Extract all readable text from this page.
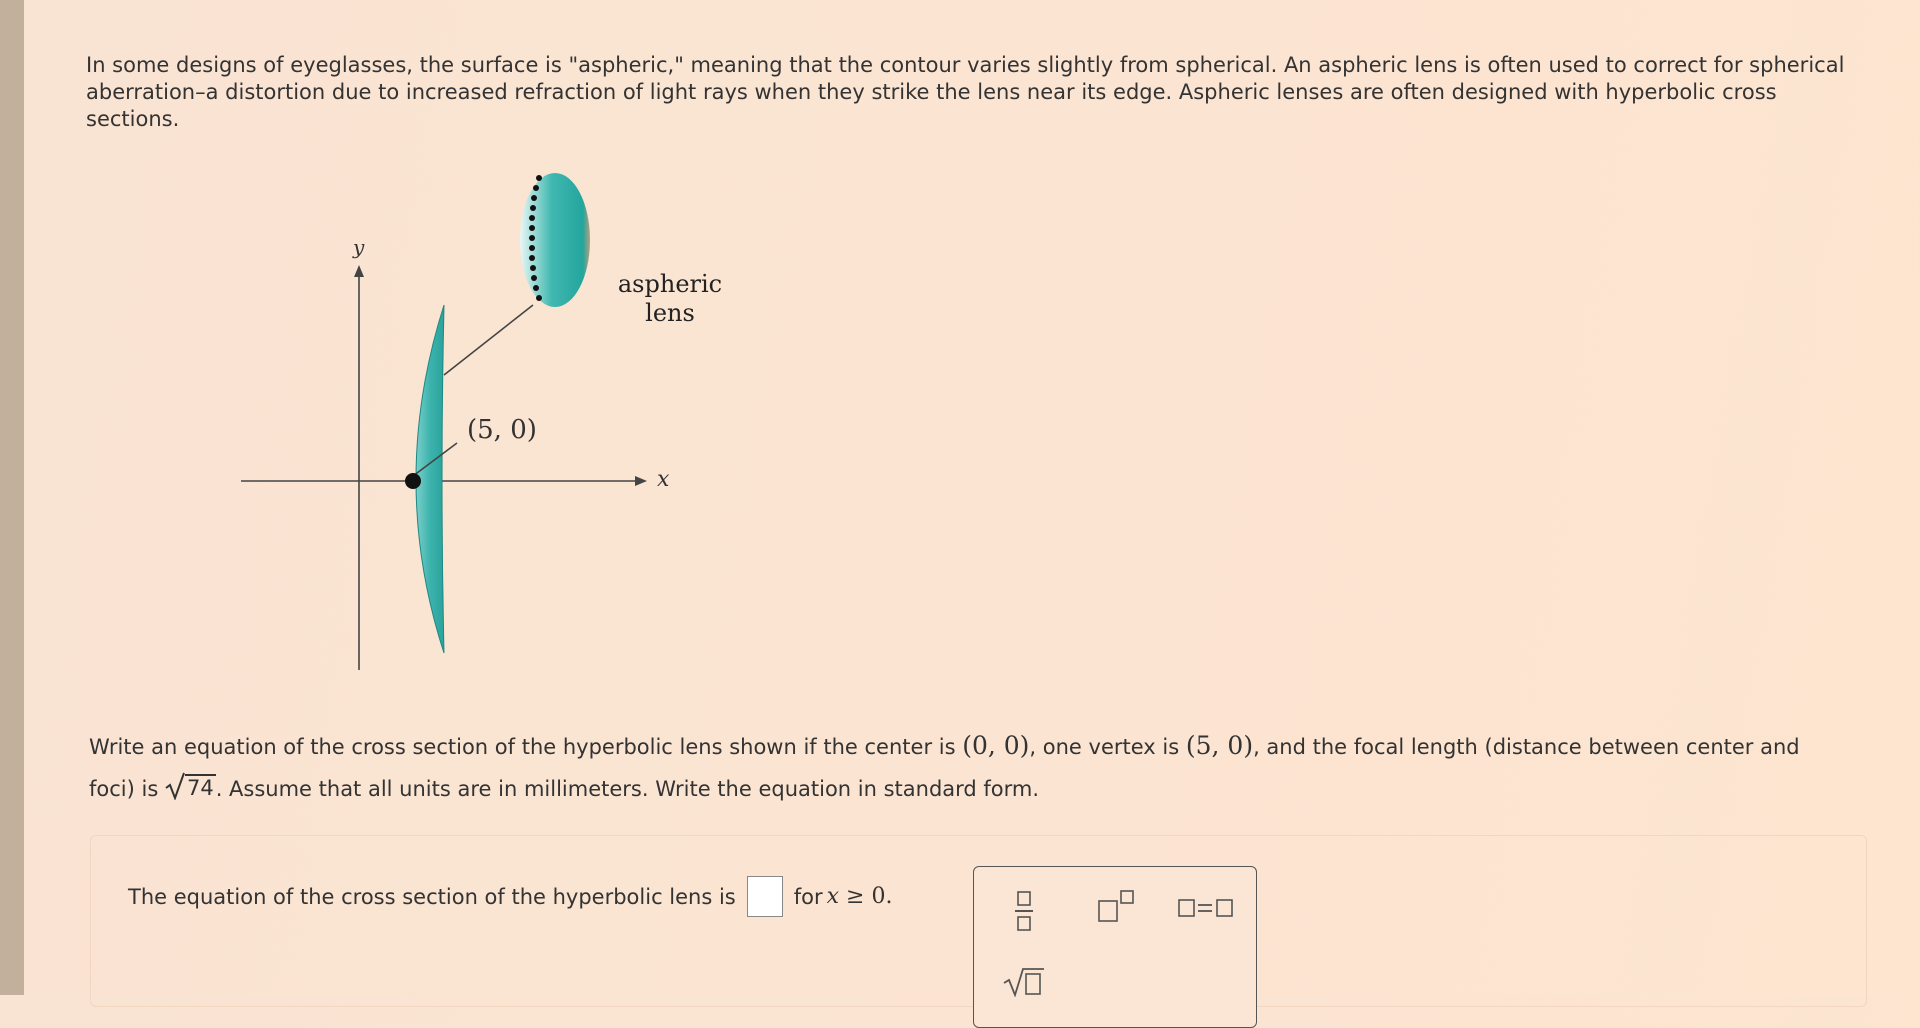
In some designs of eyeglasses, the surface is "aspheric," meaning that the contour varies slightly from spherical. An aspheric lens is often used to correct for spherical aberration–a distortion due to increased refraction of light rays when they strike the lens near its edge. Aspheric lenses are often designed with hyperbolic cross sections.

y
x
(5, 0)
aspheric
lens

Write an equation of the cross section of the hyperbolic lens shown if the center is (0, 0), one vertex is (5, 0), and the focal length (distance between center and foci) is 74 . Assume that all units are in millimeters. Write the equation in standard form.

The equation of the cross section of the hyperbolic lens is	for x ≥ 0.
